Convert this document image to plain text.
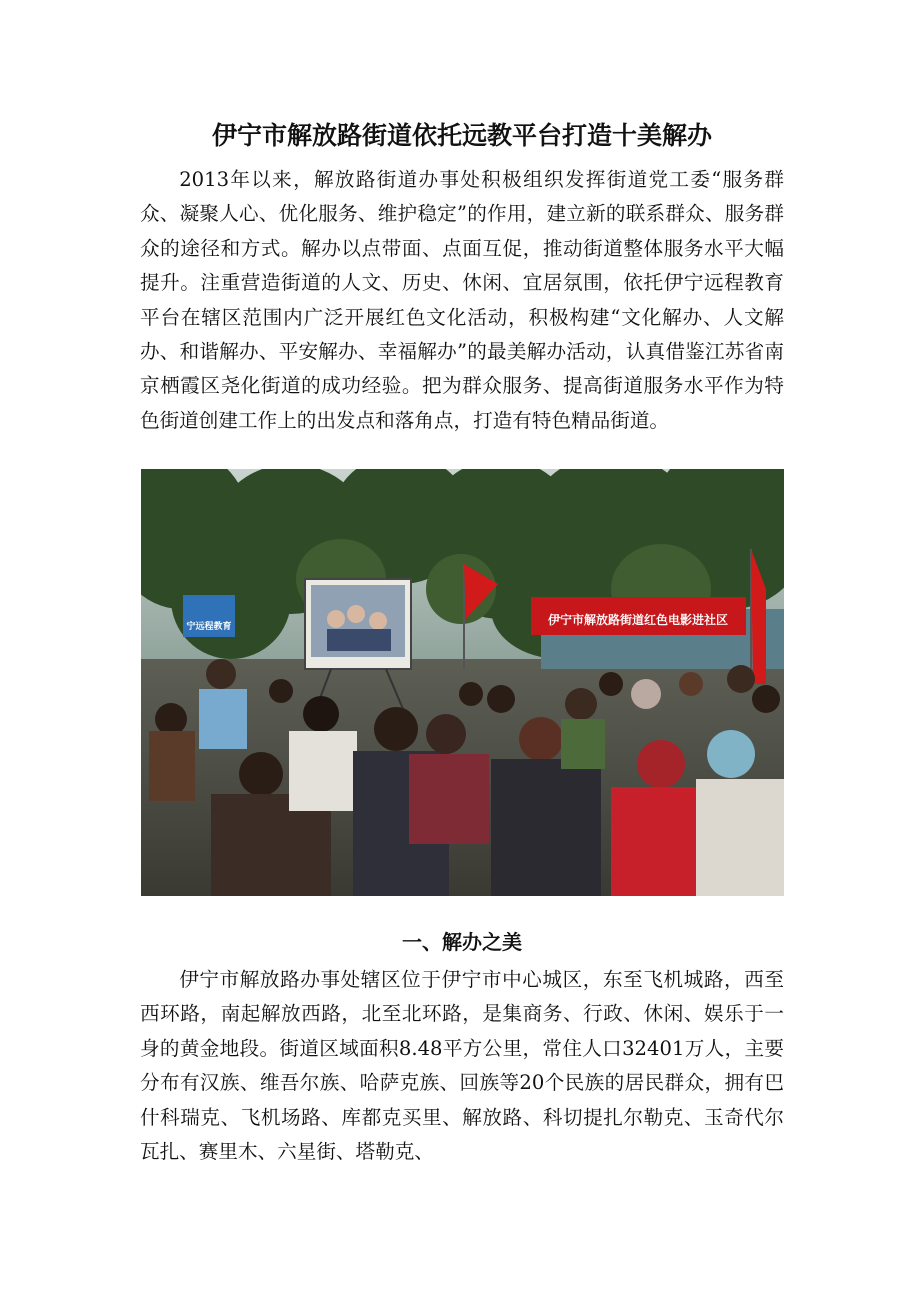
伊宁市解放路街道依托远教平台打造十美解办

2013年以来，解放路街道办事处积极组织发挥街道党工委“服务群众、凝聚人心、优化服务、维护稳定”的作用，建立新的联系群众、服务群众的途径和方式。解办以点带面、点面互促，推动街道整体服务水平大幅提升。注重营造街道的人文、历史、休闲、宜居氛围，依托伊宁远程教育平台在辖区范围内广泛开展红色文化活动，积极构建“文化解办、人文解办、和谐解办、平安解办、幸福解办”的最美解办活动，认真借鉴江苏省南京栖霞区尧化街道的成功经验。把为群众服务、提高街道服务水平作为特色街道创建工作上的出发点和落角点，打造有特色精品街道。

宁远程教育	伊宁市解放路街道红色电影进社区
一、解办之美

伊宁市解放路办事处辖区位于伊宁市中心城区，东至飞机城路，西至西环路，南起解放西路，北至北环路，是集商务、行政、休闲、娱乐于一身的黄金地段。街道区域面积8.48平方公里，常住人口32401万人，主要分布有汉族、维吾尔族、哈萨克族、回族等20个民族的居民群众，拥有巴什科瑞克、飞机场路、库都克买里、解放路、科切提扎尔勒克、玉奇代尔瓦扎、赛里木、六星街、塔勒克、
